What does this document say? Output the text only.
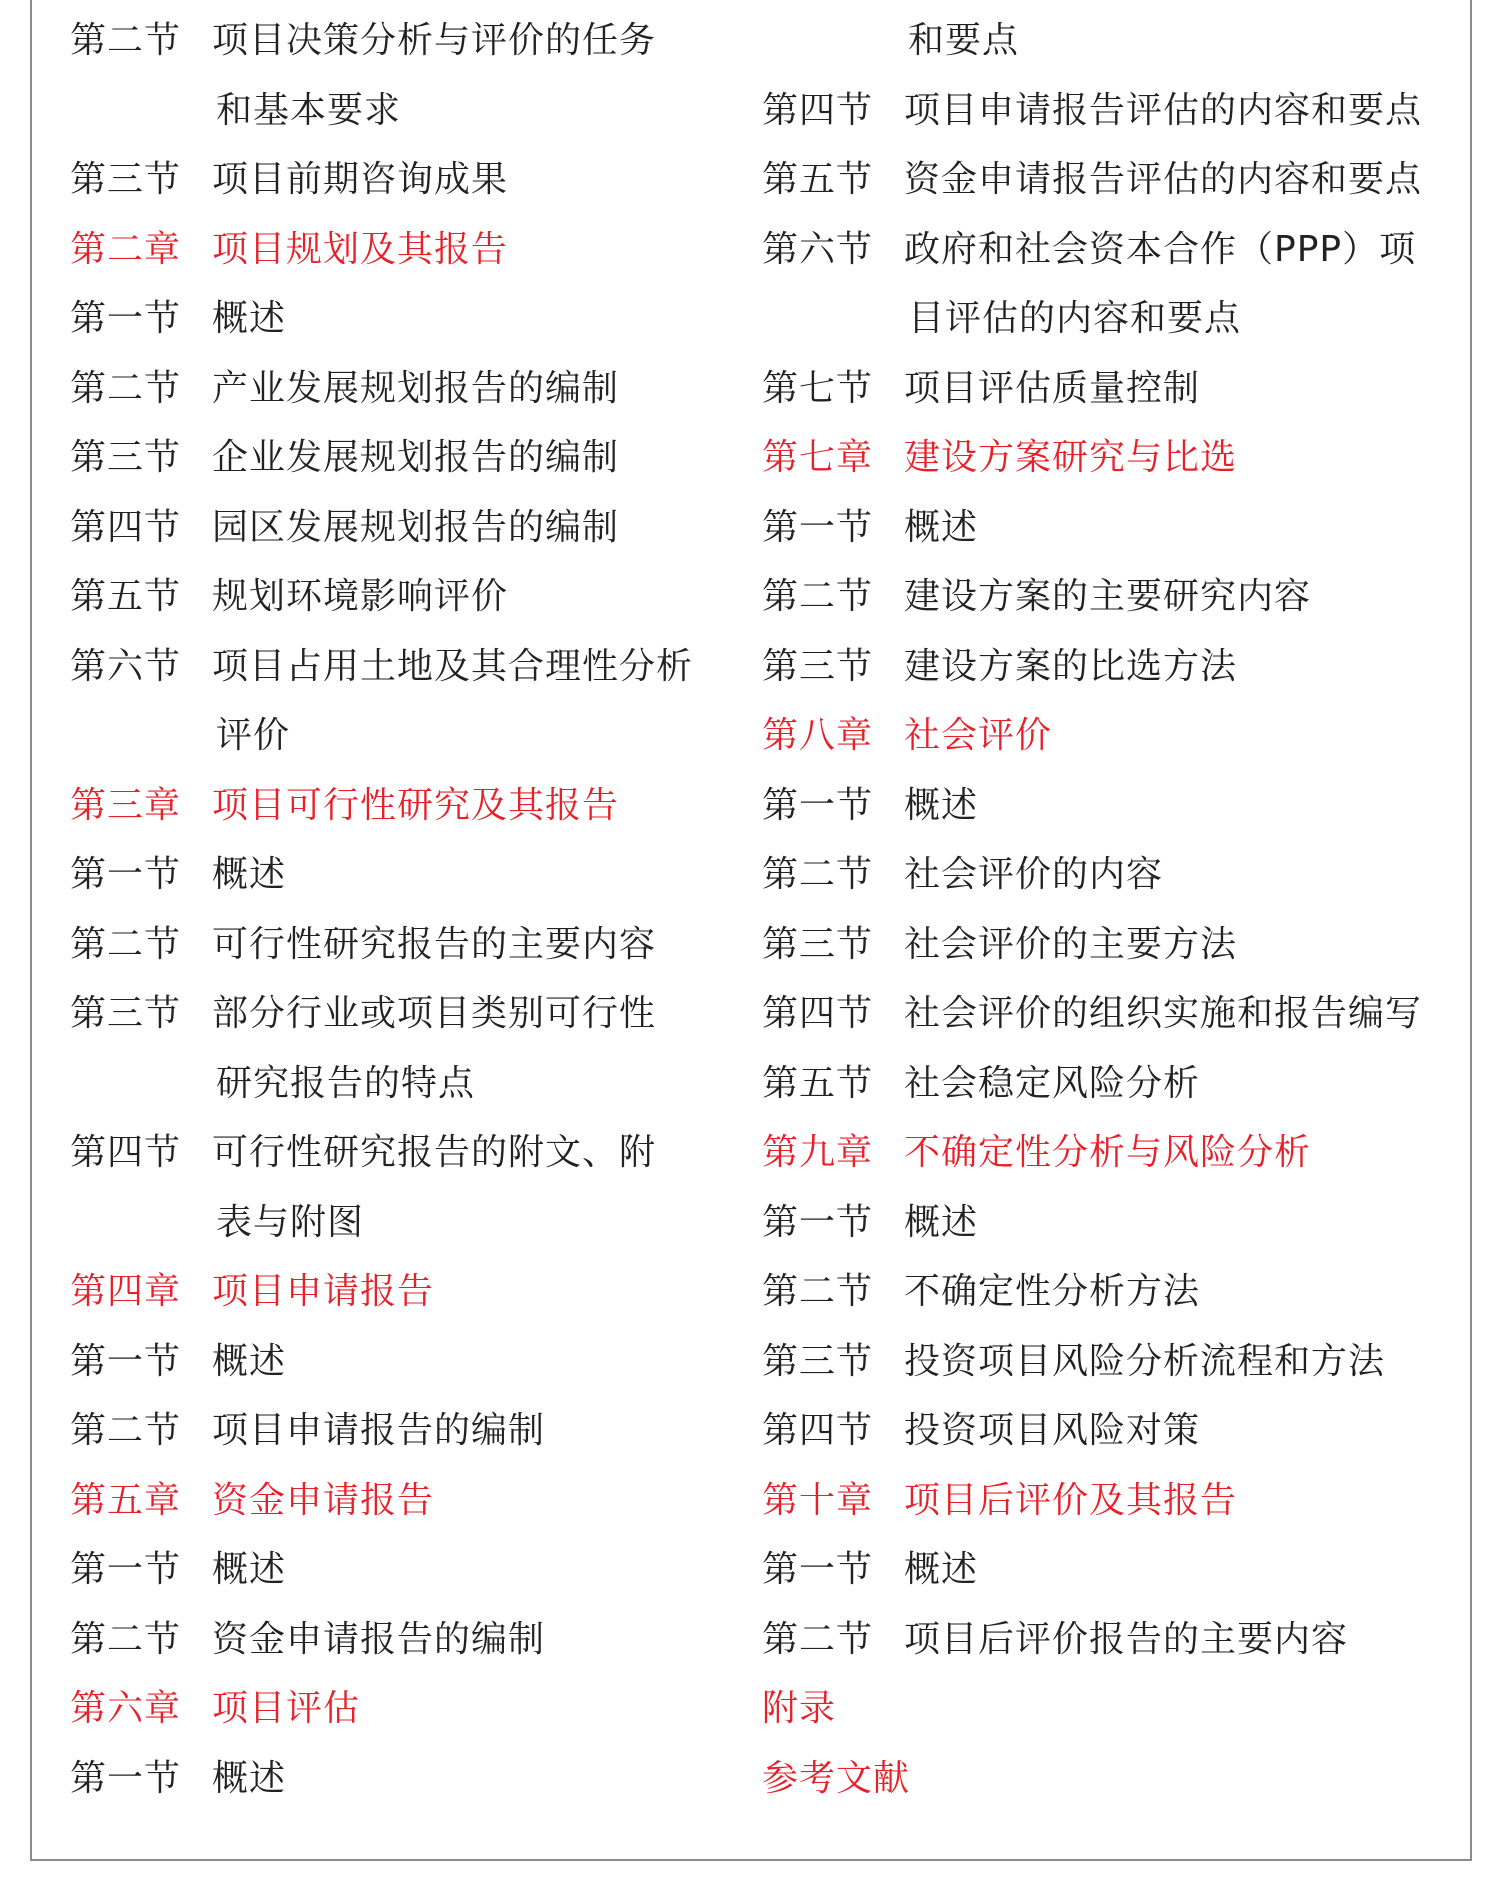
第二节 项目决策分析与评价的任务
和基本要求
第三节 项目前期咨询成果
第二章 项目规划及其报告
第一节 概述
第二节 产业发展规划报告的编制
第三节 企业发展规划报告的编制
第四节 园区发展规划报告的编制
第五节 规划环境影响评价
第六节 项目占用土地及其合理性分析
评价
第三章 项目可行性研究及其报告
第一节 概述
第二节 可行性研究报告的主要内容
第三节 部分行业或项目类别可行性
研究报告的特点
第四节 可行性研究报告的附文、附
表与附图
第四章 项目申请报告
第一节 概述
第二节 项目申请报告的编制
第五章 资金申请报告
第一节 概述
第二节 资金申请报告的编制
第六章 项目评估
第一节 概述
和要点
第四节 项目申请报告评估的内容和要点
第五节 资金申请报告评估的内容和要点
第六节 政府和社会资本合作（PPP）项
目评估的内容和要点
第七节 项目评估质量控制
第七章 建设方案研究与比选
第一节 概述
第二节 建设方案的主要研究内容
第三节 建设方案的比选方法
第八章 社会评价
第一节 概述
第二节 社会评价的内容
第三节 社会评价的主要方法
第四节 社会评价的组织实施和报告编写
第五节 社会稳定风险分析
第九章 不确定性分析与风险分析
第一节 概述
第二节 不确定性分析方法
第三节 投资项目风险分析流程和方法
第四节 投资项目风险对策
第十章 项目后评价及其报告
第一节 概述
第二节 项目后评价报告的主要内容
附录
参考文献
